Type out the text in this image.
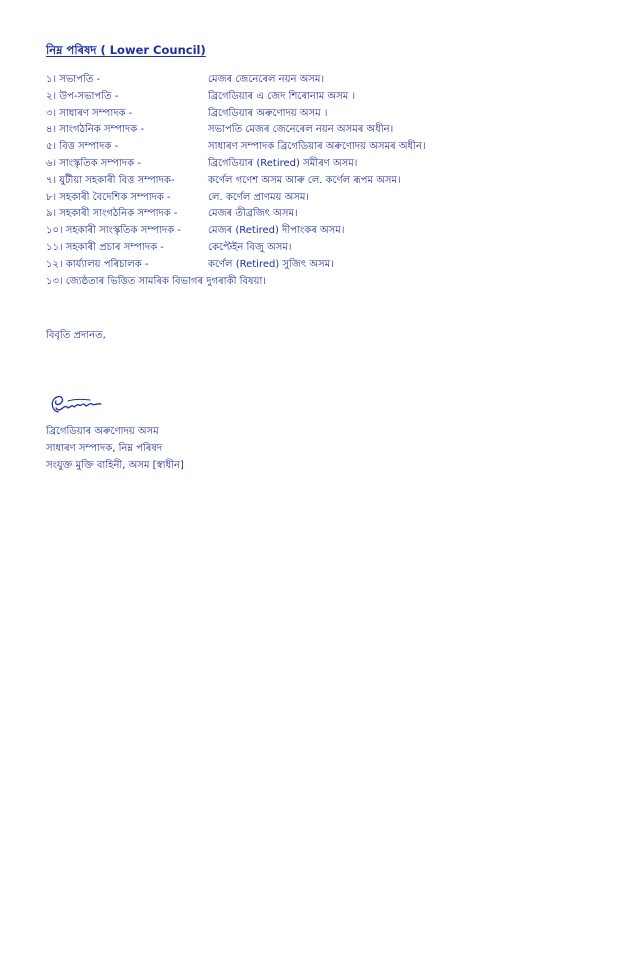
নিম্ন পৰিষদ ( Lower Council)
১। সভাপতি -	মেজৰ জেনেৰেল নয়ন অসম।
২। উপ-সভাপতি -	ব্ৰিগেডিয়াৰ এ জেদ শিৰোনাম অসম ।
৩। সাধাৰণ সম্পাদক -	ব্ৰিগেডিয়াৰ অৰুণোদয় অসম ।
৪। সাংগঠনিক সম্পাদক -	সভাপতি মেজৰ জেনেৰেল নয়ন অসমৰ অধীন।
৫। বিত্ত সম্পাদক -	সাধাৰণ সম্পাদক ব্ৰিগেডিয়াৰ অৰুণোদয় অসমৰ অধীন।
৬। সাংস্কৃতিক সম্পাদক -	ব্ৰিগেডিয়াৰ (Retired) সমীৰণ অসম।
৭। যুটীয়া সহকাৰী বিত্ত সম্পাদক-	কৰ্ণেল গণেশ অসম আৰু লে. কৰ্ণেল ৰূপম অসম।
৮। সহকাৰী বৈদেশিক সম্পাদক -	লে. কৰ্ণেল প্ৰাণময় অসম।
৯। সহকাৰী সাংগঠনিক সম্পাদক -	মেজৰ তীব্ৰজিৎ অসম।
১০। সহকাৰী সাংস্কৃতিক সম্পাদক -	মেজৰ (Retired) দীপাংকৰ অসম।
১১। সহকাৰী প্ৰচাৰ সম্পাদক -	কেপ্টেইন বিজু অসম।
১২। কাৰ্য্যালয় পৰিচালক -	কৰ্ণেল (Retired) সুজিৎ অসম।
১৩। জ্যেষ্ঠতাৰ ভিত্তিত সামৰিক বিভাগৰ দুগৰাকী বিষয়া।
বিবৃতি প্ৰদানত,
ব্ৰিগেডিয়াৰ অৰুণোদয় অসম
সাধাৰণ সম্পাদক, নিম্ন পৰিষদ
সংযুক্ত মুক্তি বাহিনী, অসম [স্বাধীন]
